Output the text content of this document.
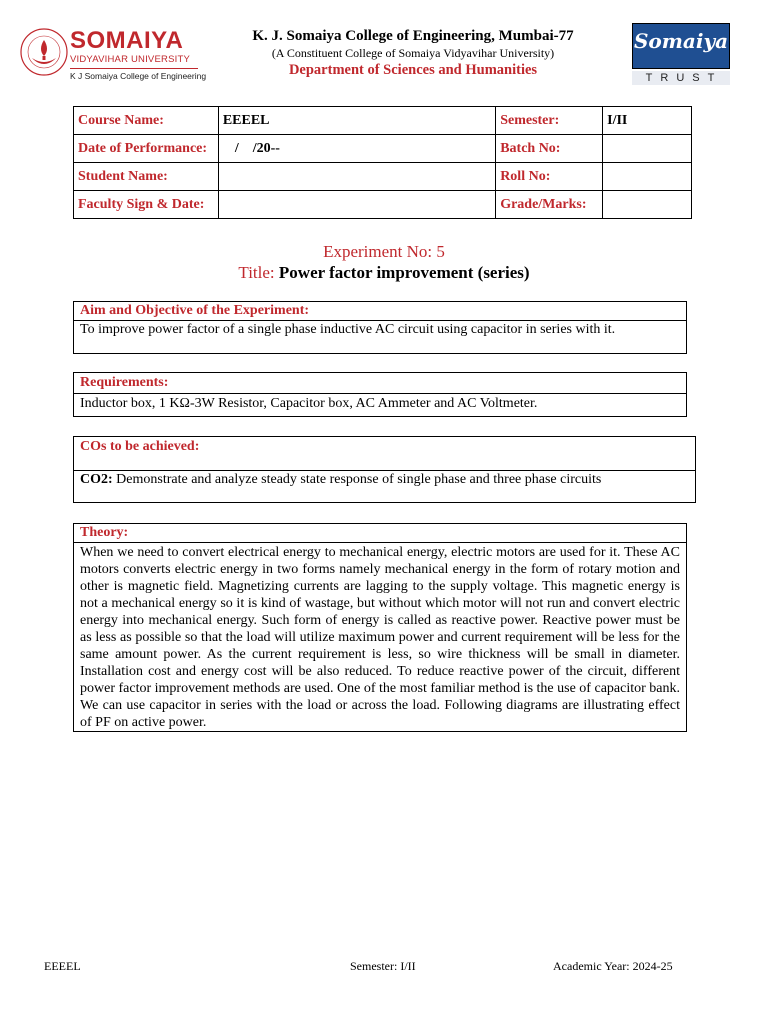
SOMAIYA
VIDYAVIHAR UNIVERSITY
K J Somaiya College of Engineering
K. J. Somaiya College of Engineering, Mumbai-77
(A Constituent College of Somaiya Vidyavihar University)
Department of Sciences and Humanities
Somaiya
TRUST
Course Name:	EEEEL	Semester:	I/II
Date of Performance:	/    /20--	Batch No:	
Student Name:		Roll No:	
Faculty Sign & Date:		Grade/Marks:	
Experiment No: 5
Title: Power factor improvement (series)
Aim and Objective of the Experiment:
To improve power factor of a single phase inductive AC circuit using capacitor in series with it.
Requirements:
Inductor box, 1 KΩ-3W Resistor, Capacitor box, AC Ammeter and AC Voltmeter.
COs to be achieved:
CO2: Demonstrate and analyze steady state response of single phase and three phase circuits
Theory:
When we need to convert electrical energy to mechanical energy, electric motors are used for it. These AC motors converts electric energy in two forms namely mechanical energy in the form of rotary motion and other is magnetic field. Magnetizing currents are lagging to the supply voltage. This magnetic energy is not a mechanical energy so it is kind of wastage, but without which motor will not run and convert electric energy into mechanical energy. Such form of energy is called as reactive power. Reactive power must be as less as possible so that the load will utilize maximum power and current requirement will be less for the same amount power. As the current requirement is less, so wire thickness will be small in diameter. Installation cost and energy cost will be also reduced. To reduce reactive power of the circuit, different power factor improvement methods are used. One of the most familiar method is the use of capacitor bank. We can use capacitor in series with the load or across the load. Following diagrams are illustrating effect of PF on active power.
EEEEL	Semester: I/II	Academic Year: 2024-25
